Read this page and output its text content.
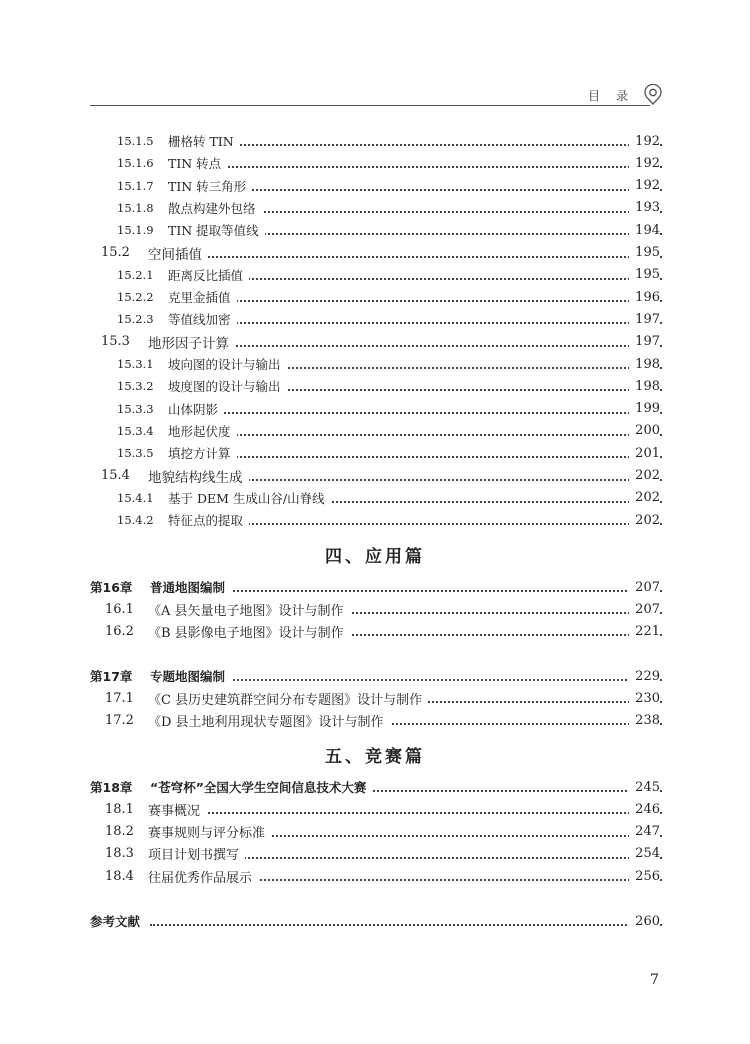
目 录
15.1.5 栅格转 TIN	192
15.1.6 TIN 转点	192
15.1.7 TIN 转三角形	192
15.1.8 散点构建外包络	193
15.1.9 TIN 提取等值线	194
15.2 空间插值	195
15.2.1 距离反比插值	195
15.2.2 克里金插值	196
15.2.3 等值线加密	197
15.3 地形因子计算	197
15.3.1 坡向图的设计与输出	198
15.3.2 坡度图的设计与输出	198
15.3.3 山体阴影	199
15.3.4 地形起伏度	200
15.3.5 填挖方计算	201
15.4 地貌结构线生成	202
15.4.1 基于 DEM 生成山谷/山脊线	202
15.4.2 特征点的提取	202
第16章 普通地图编制	207
16.1 《A 县矢量电子地图》设计与制作	207
16.2 《B 县影像电子地图》设计与制作	221
第17章 专题地图编制	229
17.1 《C 县历史建筑群空间分布专题图》设计与制作	230
17.2 《D 县土地利用现状专题图》设计与制作	238
第18章 “苍穹杯”全国大学生空间信息技术大赛	245
18.1 赛事概况	246
18.2 赛事规则与评分标准	247
18.3 项目计划书撰写	254
18.4 往届优秀作品展示	256
四、应用篇
五、竞赛篇
参考文献	260
7
